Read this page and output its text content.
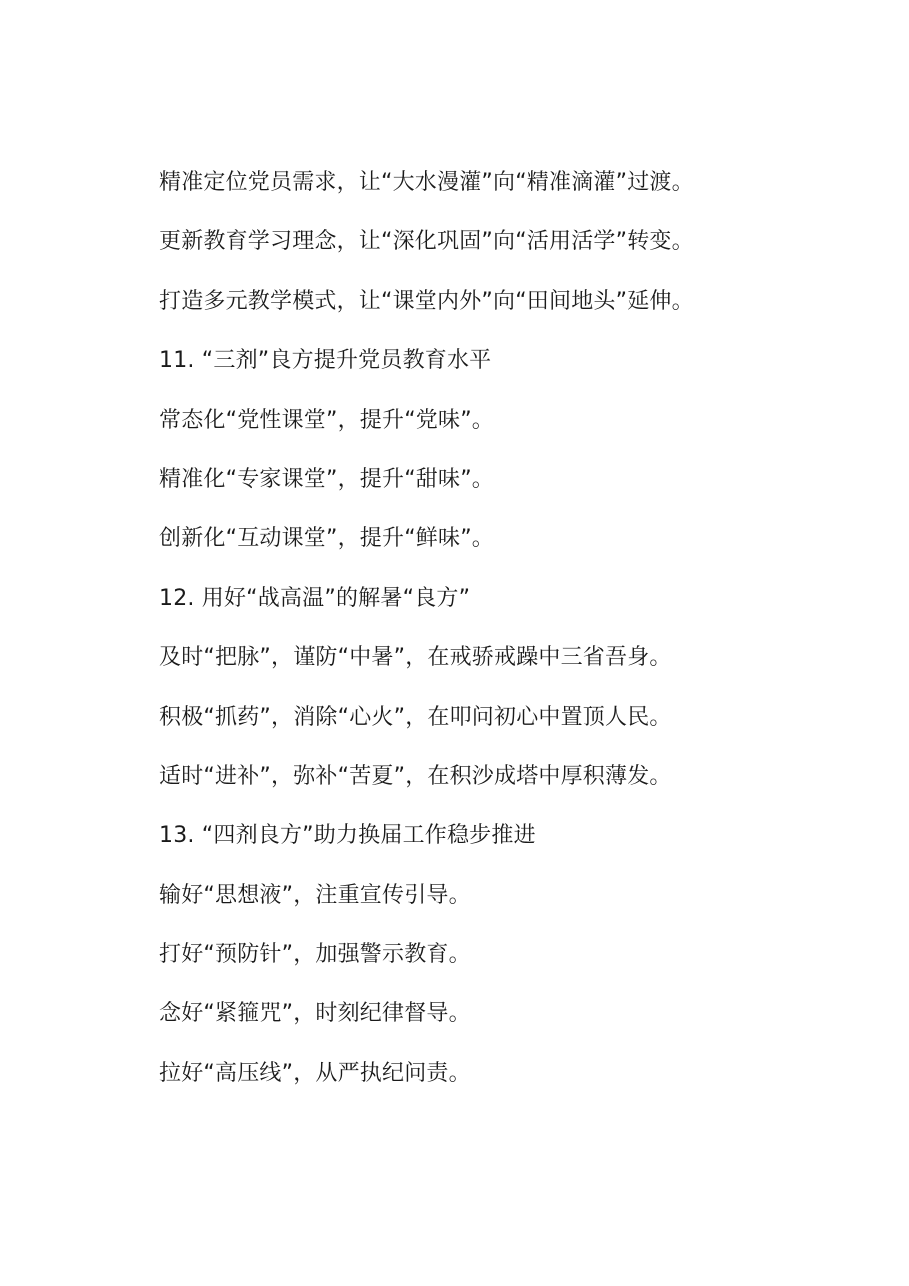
精准定位党员需求，让“大水漫灌”向“精准滴灌”过渡。
更新教育学习理念，让“深化巩固”向“活用活学”转变。
打造多元教学模式，让“课堂内外”向“田间地头”延伸。
11. “三剂”良方提升党员教育水平
常态化“党性课堂”，提升“党味”。
精准化“专家课堂”，提升“甜味”。
创新化“互动课堂”，提升“鲜味”。
12. 用好“战高温”的解暑“良方”
及时“把脉”，谨防“中暑”，在戒骄戒躁中三省吾身。
积极“抓药”，消除“心火”，在叩问初心中置顶人民。
适时“进补”，弥补“苦夏”，在积沙成塔中厚积薄发。
13. “四剂良方”助力换届工作稳步推进
输好“思想液”，注重宣传引导。
打好“预防针”，加强警示教育。
念好“紧箍咒”，时刻纪律督导。
拉好“高压线”，从严执纪问责。
